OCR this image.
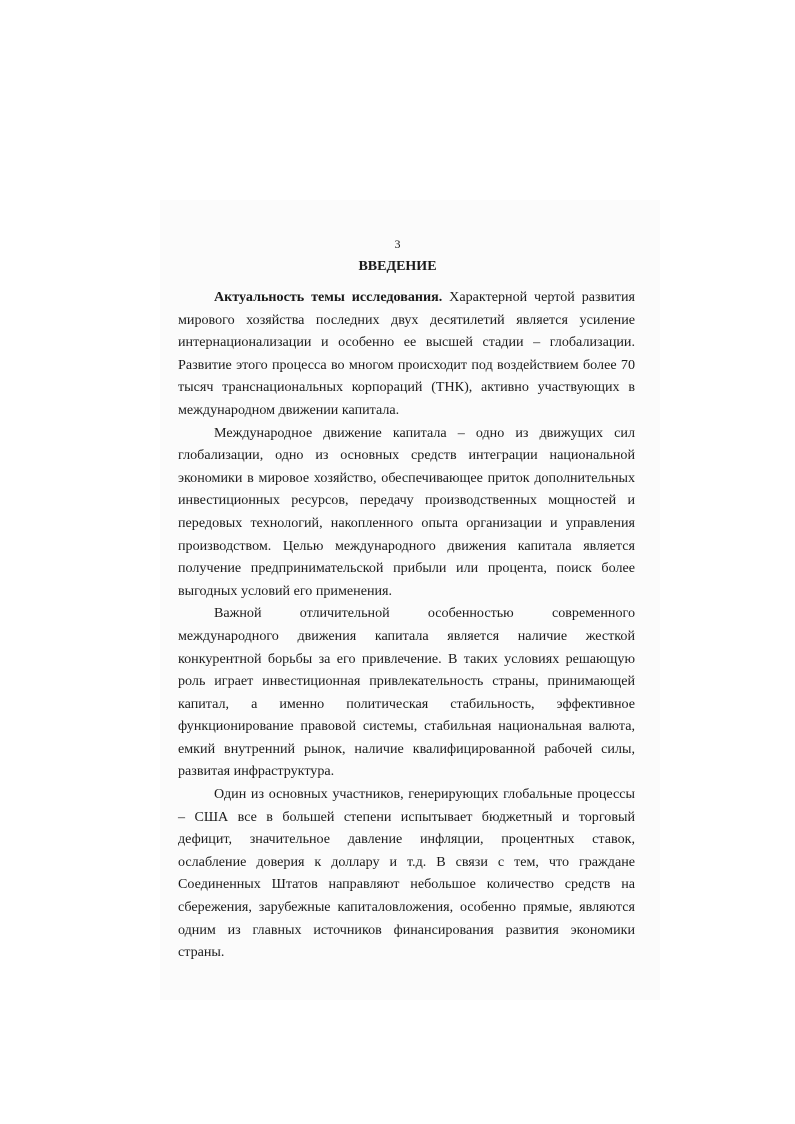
3
ВВЕДЕНИЕ

Актуальность темы исследования. Характерной чертой развития мирового хозяйства последних двух десятилетий является усиление интернационализации и особенно ее высшей стадии – глобализации. Развитие этого процесса во многом происходит под воздействием более 70 тысяч транснациональных корпораций (ТНК), активно участвующих в международном движении капитала.

Международное движение капитала – одно из движущих сил глобализации, одно из основных средств интеграции национальной экономики в мировое хозяйство, обеспечивающее приток дополнительных инвестиционных ресурсов, передачу производственных мощностей и передовых технологий, накопленного опыта организации и управления производством. Целью международного движения капитала является получение предпринимательской прибыли или процента, поиск более выгодных условий его применения.

Важной отличительной особенностью современного международного движения капитала является наличие жесткой конкурентной борьбы за его привлечение. В таких условиях решающую роль играет инвестиционная привлекательность страны, принимающей капитал, а именно политическая стабильность, эффективное функционирование правовой системы, стабильная национальная валюта, емкий внутренний рынок, наличие квалифицированной рабочей силы, развитая инфраструктура.

Один из основных участников, генерирующих глобальные процессы – США все в большей степени испытывает бюджетный и торговый дефицит, значительное давление инфляции, процентных ставок, ослабление доверия к доллару и т.д. В связи с тем, что граждане Соединенных Штатов направляют небольшое количество средств на сбережения, зарубежные капиталовложения, особенно прямые, являются одним из главных источников финансирования развития экономики страны.
